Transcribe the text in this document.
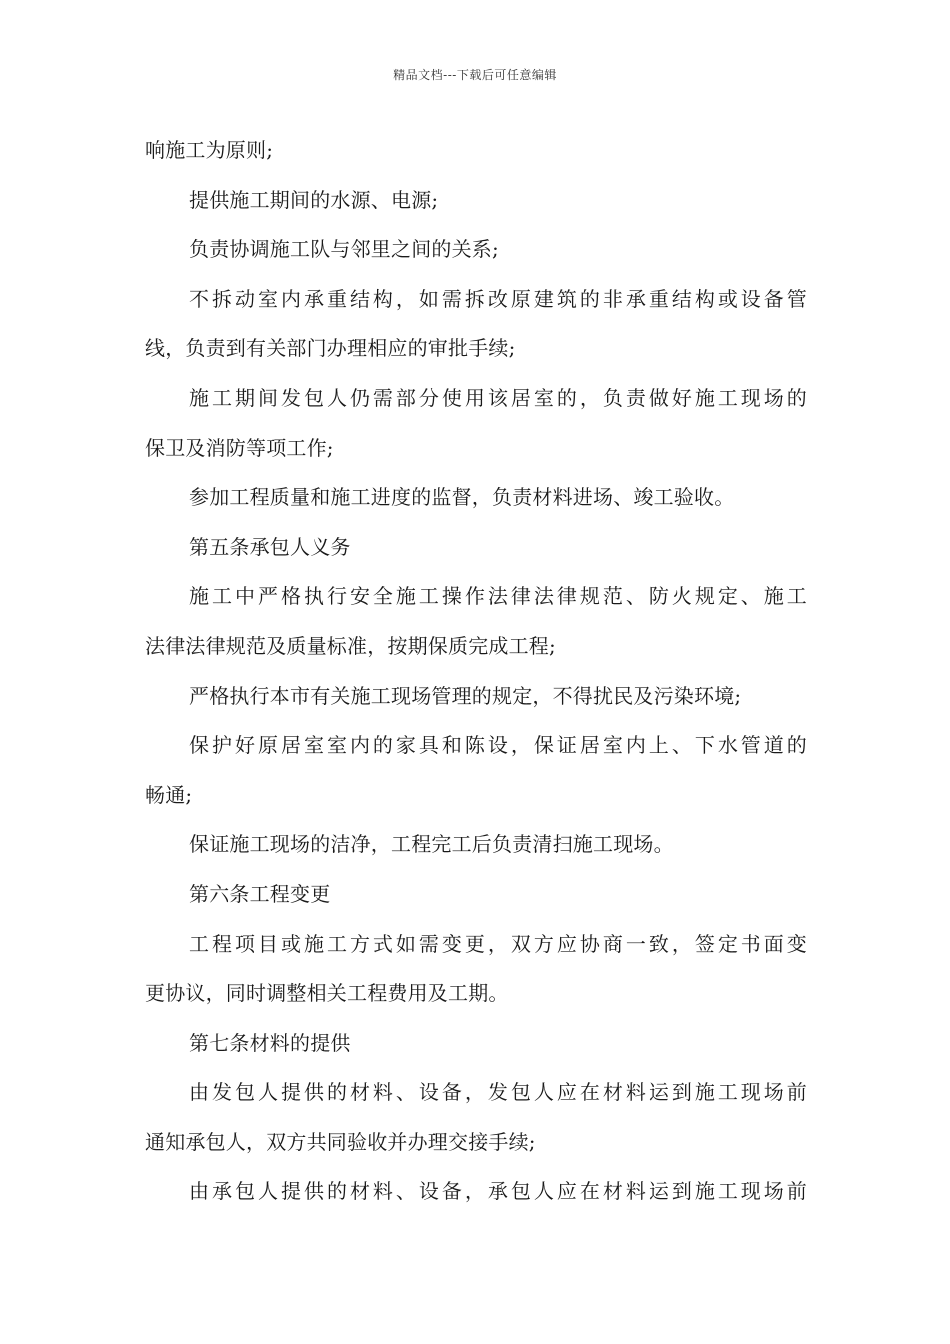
精品文档---下载后可任意编辑
响施工为原则;
提供施工期间的水源、电源;
负责协调施工队与邻里之间的关系;
不拆动室内承重结构，如需拆改原建筑的非承重结构或设备管
线，负责到有关部门办理相应的审批手续;
施工期间发包人仍需部分使用该居室的，负责做好施工现场的
保卫及消防等项工作;
参加工程质量和施工进度的监督，负责材料进场、竣工验收。
第五条承包人义务
施工中严格执行安全施工操作法律法律规范、防火规定、施工
法律法律规范及质量标准，按期保质完成工程;
严格执行本市有关施工现场管理的规定，不得扰民及污染环境;
保护好原居室室内的家具和陈设，保证居室内上、下水管道的
畅通;
保证施工现场的洁净，工程完工后负责清扫施工现场。
第六条工程变更
工程项目或施工方式如需变更，双方应协商一致，签定书面变
更协议，同时调整相关工程费用及工期。
第七条材料的提供
由发包人提供的材料、设备，发包人应在材料运到施工现场前
通知承包人，双方共同验收并办理交接手续;
由承包人提供的材料、设备，承包人应在材料运到施工现场前
